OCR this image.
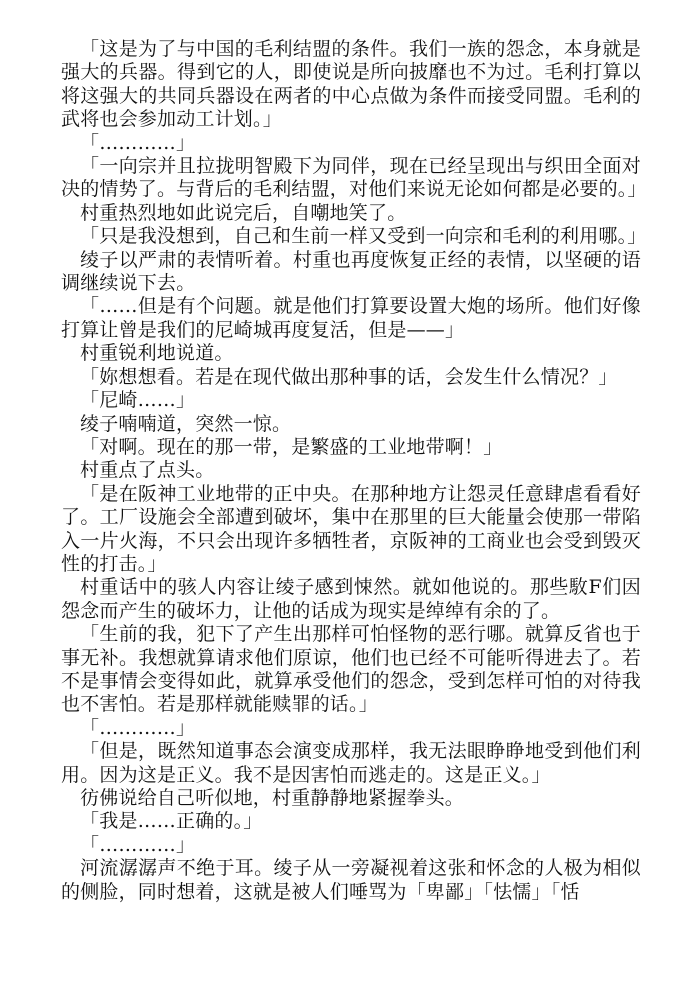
「这是为了与中国的毛利结盟的条件。我们一族的怨念，本身就是强大的兵器。得到它的人，即使说是所向披靡也不为过。毛利打算以将这强大的共同兵器设在两者的中心点做为条件而接受同盟。毛利的武将也会参加动工计划。」

「…………」

「一向宗并且拉拢明智殿下为同伴，现在已经呈现出与织田全面对决的情势了。与背后的毛利结盟，对他们来说无论如何都是必要的。」

村重热烈地如此说完后，自嘲地笑了。

「只是我没想到，自己和生前一样又受到一向宗和毛利的利用哪。」

绫子以严肃的表情听着。村重也再度恢复正经的表情，以坚硬的语调继续说下去。

「……但是有个问题。就是他们打算要设置大炮的场所。他们好像打算让曾是我们的尼崎城再度复活，但是——」

村重锐利地说道。

「妳想想看。若是在现代做出那种事的话，会发生什么情况？」

「尼崎……」

绫子喃喃道，突然一惊。

「对啊。现在的那一带，是繁盛的工业地带啊！」

村重点了点头。

「是在阪神工业地带的正中央。在那种地方让怨灵任意肆虐看看好了。工厂设施会全部遭到破坏，集中在那里的巨大能量会使那一带陷入一片火海，不只会出现许多牺牲者，京阪神的工商业也会受到毁灭性的打击。」

村重话中的骇人内容让绫子感到悚然。就如他说的。那些駇F们因怨念而产生的破坏力，让他的话成为现实是绰绰有余的了。

「生前的我，犯下了产生出那样可怕怪物的恶行哪。就算反省也于事无补。我想就算请求他们原谅，他们也已经不可能听得进去了。若不是事情会变得如此，就算承受他们的怨念，受到怎样可怕的对待我也不害怕。若是那样就能赎罪的话。」

「…………」

「但是，既然知道事态会演变成那样，我无法眼睁睁地受到他们利用。因为这是正义。我不是因害怕而逃走的。这是正义。」

彷佛说给自己听似地，村重静静地紧握拳头。

「我是……正确的。」

「…………」

河流潺潺声不绝于耳。绫子从一旁凝视着这张和怀念的人极为相似的侧脸，同时想着，这就是被人们唾骂为「卑鄙」「怯懦」「恬
